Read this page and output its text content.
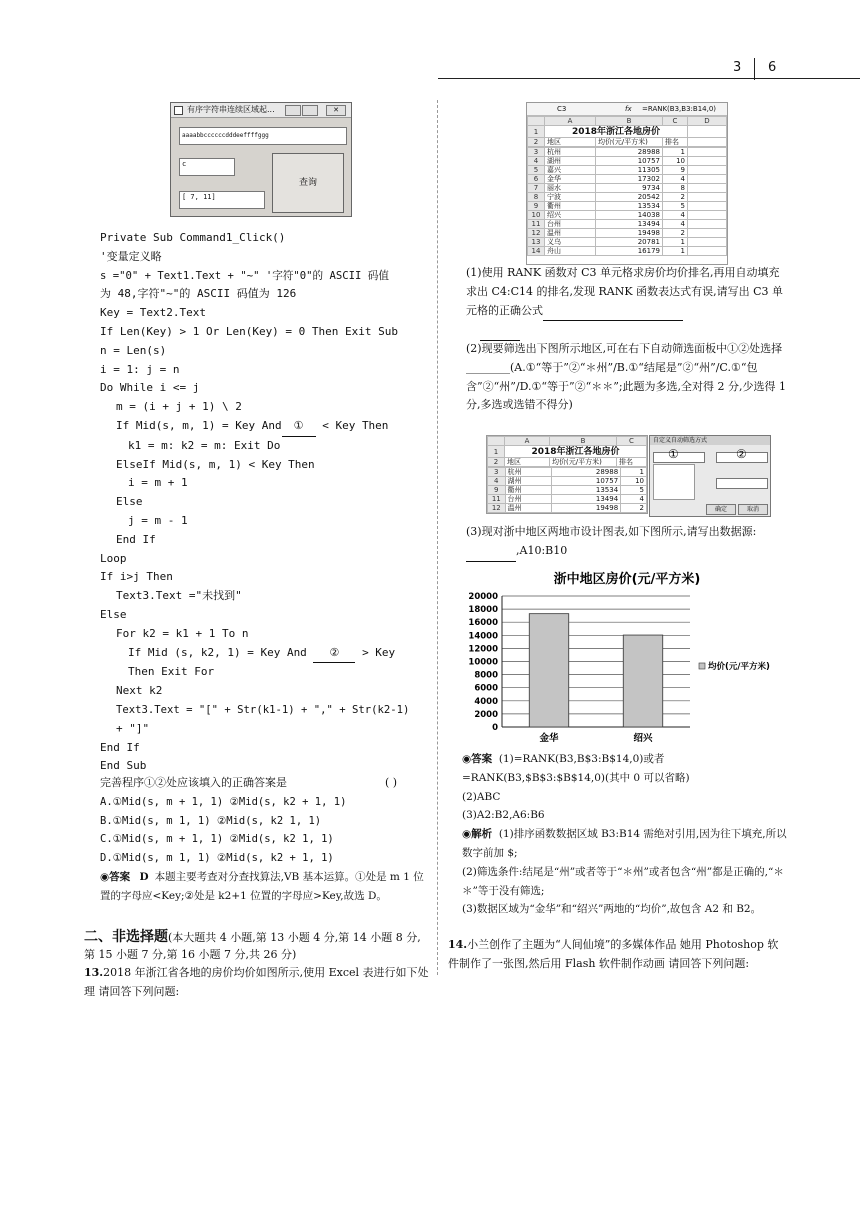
3 6
有序字符串连续区域起...	✕
aaaabbccccccdddeeffffggg
c
[ 7, 11]
查询
Private Sub Command1_Click()
'变量定义略
s ="0" + Text1.Text + "~" '字符"0"的 ASCII 码值
为 48,字符"~"的 ASCII 码值为 126
Key = Text2.Text
If Len(Key) > 1 Or Len(Key) = 0 Then Exit Sub
n = Len(s)
i = 1: j = n
Do While i <= j
m = (i + j + 1) \ 2
If Mid(s, m, 1) = Key And ① < Key Then
k1 = m: k2 = m: Exit Do
ElseIf Mid(s, m, 1) < Key Then
i = m + 1
Else
j = m - 1
End If
Loop
If i>j Then
Text3.Text ="未找到"
Else
For k2 = k1 + 1 To n
If Mid (s, k2, 1) = Key And ② > Key
Then Exit For
Next k2
Text3.Text = "[" + Str(k1-1) + "," + Str(k2-1)
+ "]"
End If
End Sub
完善程序①②处应该填入的正确答案是	( )
A.①Mid(s, m + 1, 1) ②Mid(s, k2 + 1, 1)
B.①Mid(s, m 1, 1) ②Mid(s, k2 1, 1)
C.①Mid(s, m + 1, 1) ②Mid(s, k2 1, 1)
D.①Mid(s, m 1, 1) ②Mid(s, k2 + 1, 1)
◉答案 D 本题主要考查对分查找算法,VB 基本运算。①处是 m 1 位置的字母应<Key;②处是 k2+1 位置的字母应>Key,故选 D。
二、非选择题(本大题共 4 小题,第 13 小题 4 分,第 14 小题 8 分,第 15 小题 7 分,第 16 小题 7 分,共 26 分)
13.2018 年浙江省各地的房价均价如图所示,使用 Excel 表进行如下处理 请回答下列问题:
C3	fx =RANK(B3,B3:B14,0)
	A	B	C	D
1	2018年浙江各地房价			
2	地区	均价(元/平方米)	排名	
3	杭州	28988	1	
4	湖州	10757	10	
5	嘉兴	11305	9	
6	金华	17302	4	
7	丽水	9734	8	
8	宁波	20542	2	
9	衢州	13534	5	
10	绍兴	14038	4	
11	台州	13494	4	
12	温州	19498	2	
13	义乌	20781	1	
14	舟山	16179	1	
(1)使用 RANK 函数对 C3 单元格求房价均价排名,再用自动填充求出 C4:C14 的排名,发现 RANK 函数表达式有误,请写出 C3 单元格的正确公式

(2)现要筛选出下图所示地区,可在右下自动筛选面板中①②处选择________(A.①“等于”②“＊州”/B.①“结尾是”②“州”/C.①“包含”②“州”/D.①“等于”②“＊＊”;此题为多选,全对得 2 分,少选得 1 分,多选或选错不得分)
	A	B	C
1	2018年浙江各地房价		
2	地区	均价(元/平方米)	排名
3	杭州	28988	1
4	湖州	10757	10
9	衢州	13534	5
11	台州	13494	4
12	温州	19498	2
自定义自动筛选方式
①	②
确定	取消
(3)现对浙中地区两地市设计图表,如下图所示,请写出数据源: ,A10:B10
浙中地区房价(元/平方米)
0
2000
4000
6000
8000
10000
12000
14000
16000
18000
20000
金华	绍兴
均价(元/平方米)
◉答案 (1)=RANK(B3,B$3:B$14,0)或者=RANK(B3,$B$3:$B$14,0)(其中 0 可以省略)
(2)ABC
(3)A2:B2,A6:B6
◉解析 (1)排序函数数据区域 B3:B14 需绝对引用,因为往下填充,所以数字前加 $;
(2)筛选条件:结尾是“州”或者等于“＊州”或者包含“州”都是正确的,“＊＊”等于没有筛选;
(3)数据区域为“金华”和“绍兴”两地的“均价”,故包含 A2 和 B2。
14.小兰创作了主题为“人间仙境”的多媒体作品 她用 Photoshop 软件制作了一张图,然后用 Flash 软件制作动画 请回答下列问题:
